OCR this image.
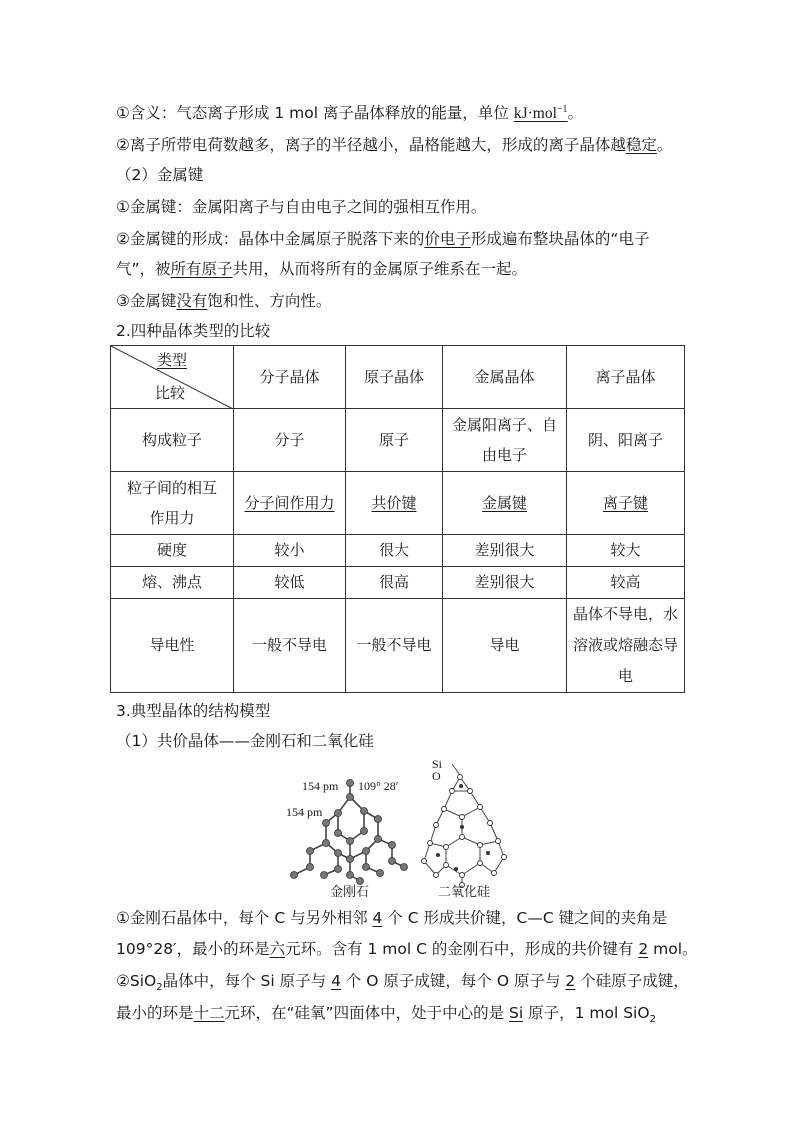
①含义：气态离子形成 1 mol 离子晶体释放的能量，单位 kJ·mol$^{-1}$。
②离子所带电荷数越多，离子的半径越小，晶格能越大，形成的离子晶体越稳定。
（2）金属键
①金属键：金属阳离子与自由电子之间的强相互作用。
②金属键的形成：晶体中金属原子脱落下来的价电子形成遍布整块晶体的“电子
气”，被所有原子共用，从而将所有的金属原子维系在一起。
③金属键没有饱和性、方向性。
2.四种晶体类型的比较
类型
比较	分子晶体	原子晶体	金属晶体	离子晶体
构成粒子	分子	原子	金属阳离子、自由电子	阴、阳离子
粒子间的相互作用力	分子间作用力	共价键	金属键	离子键
硬度	较小	很大	差别很大	较大
熔、沸点	较低	很高	差别很大	较高
导电性	一般不导电	一般不导电	导电	晶体不导电，水溶液或熔融态导电
3.典型晶体的结构模型
（1）共价晶体——金刚石和二氧化硅
154 pm 109° 28′
154 pm
Si
O
金刚石	二氧化硅
①金刚石晶体中，每个 C 与另外相邻 4 个 C 形成共价键，C—C 键之间的夹角是
109°28′，最小的环是六元环。含有 1 mol C 的金刚石中，形成的共价键有 2 mol。
②SiO$_2$晶体中，每个 Si 原子与 4 个 O 原子成键，每个 O 原子与 2 个硅原子成键，
最小的环是十二元环，在“硅氧”四面体中，处于中心的是 Si 原子，1 mol SiO$_2$
